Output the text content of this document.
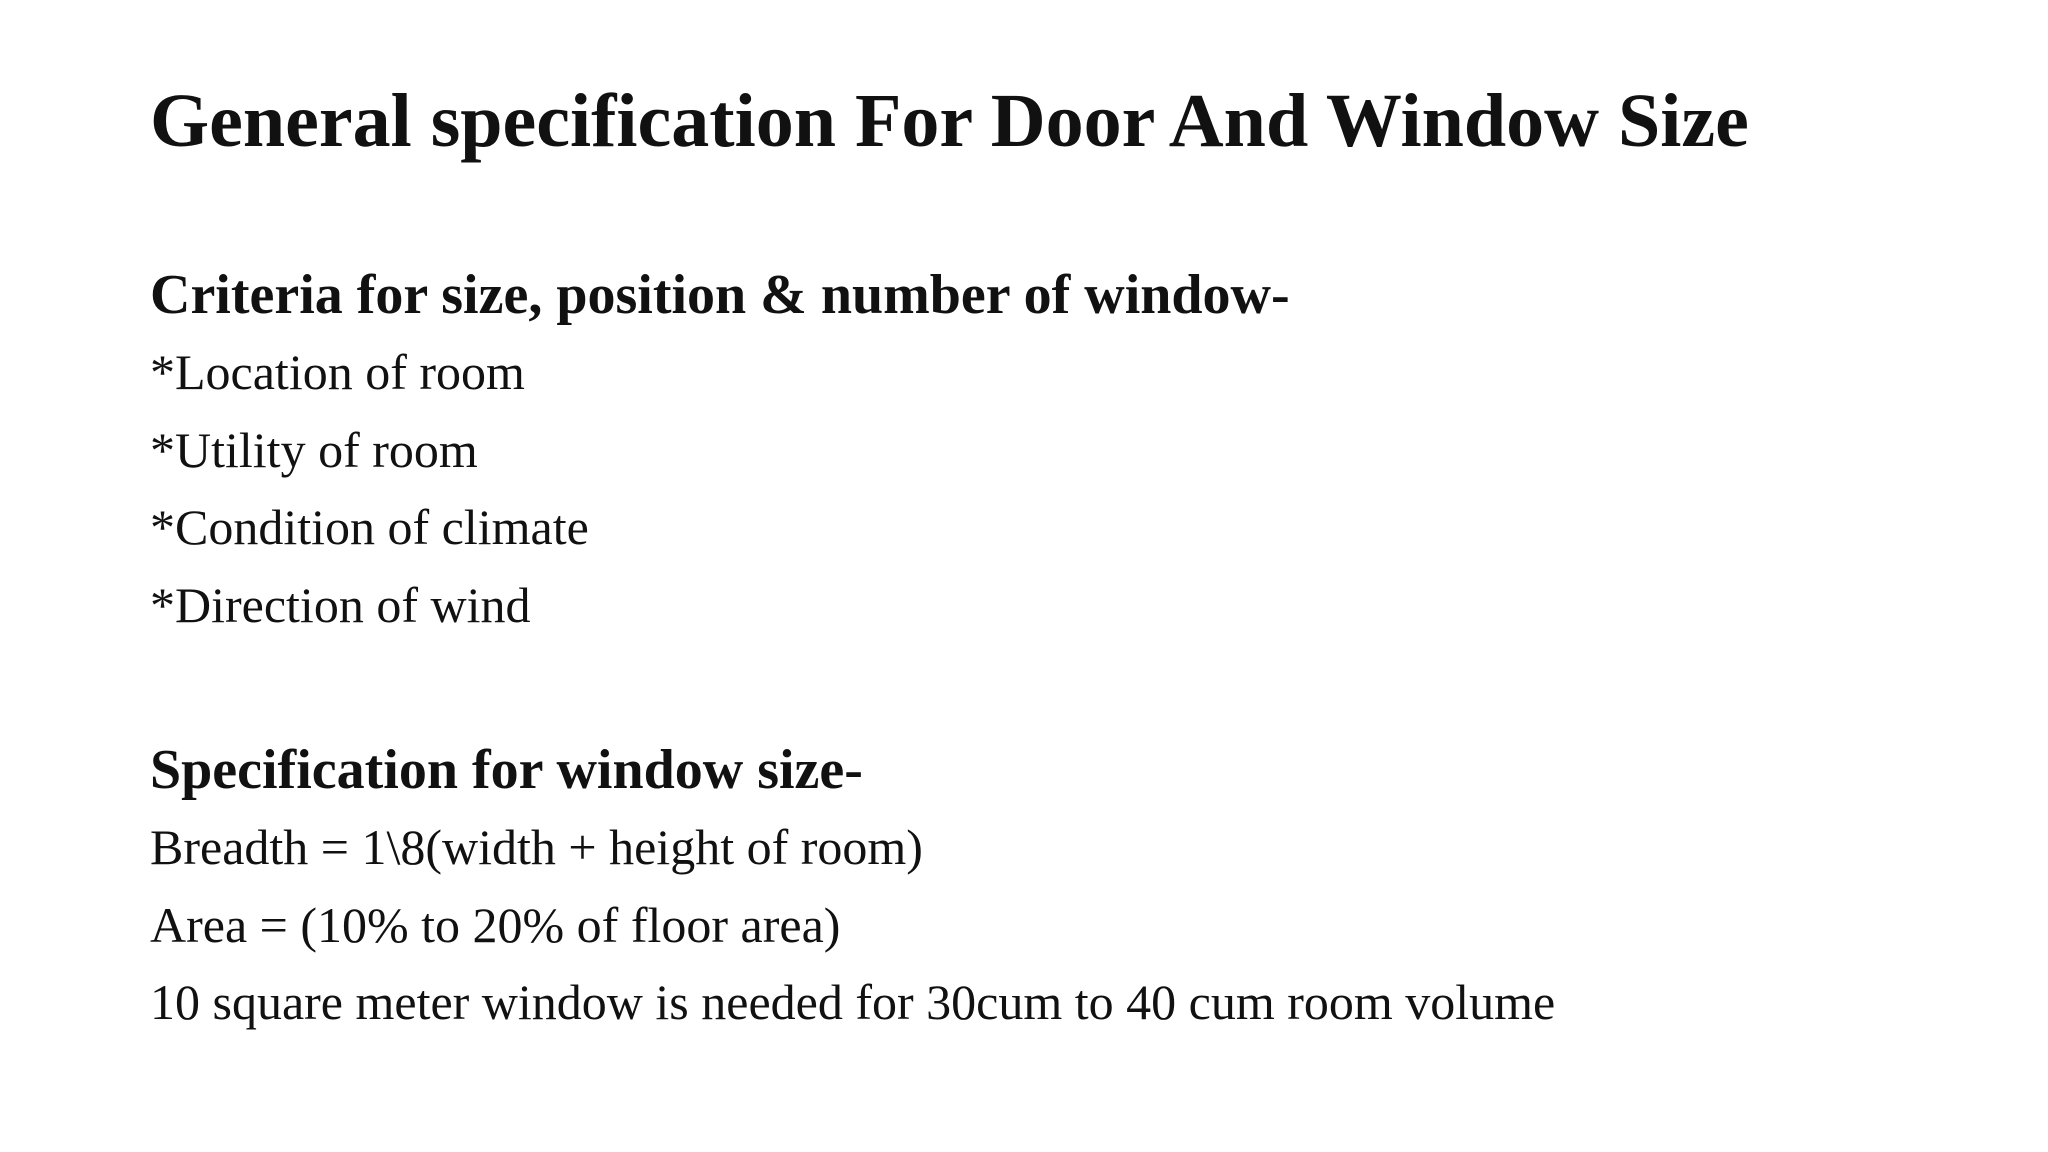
General specification For Door And Window Size
Criteria for size, position & number of window-

*Location of room

*Utility of room

*Condition of climate

*Direction of wind

Specification for window size-

Breadth = 1\8(width + height of room)

Area = (10% to 20% of floor area)

10 square meter window is needed for 30cum to 40 cum room volume
